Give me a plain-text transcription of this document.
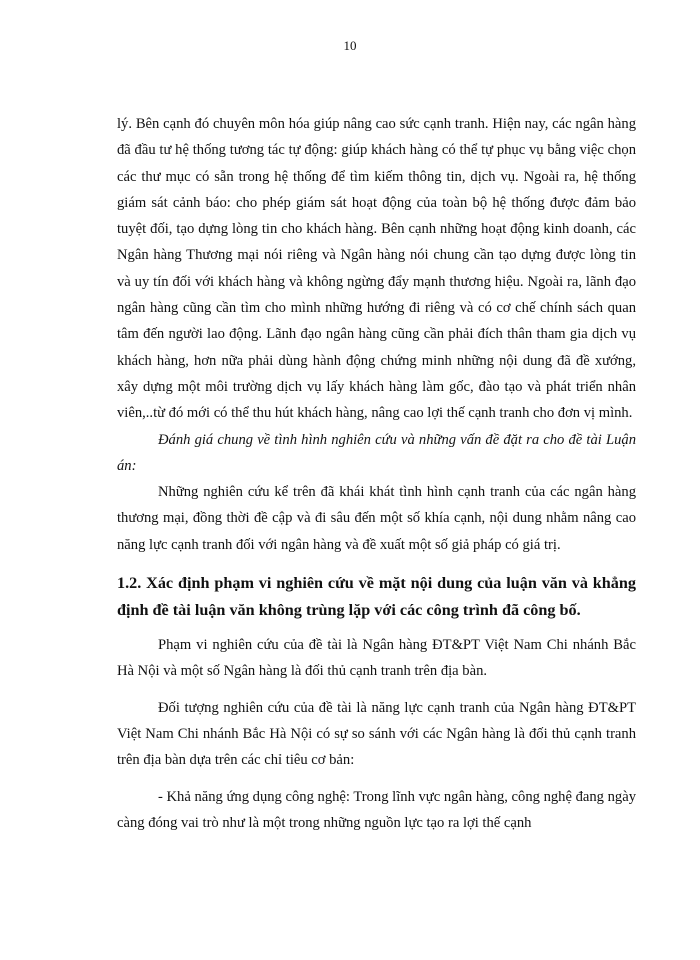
10

lý. Bên cạnh đó chuyên môn hóa giúp nâng cao sức cạnh tranh. Hiện nay, các ngân hàng đã đầu tư hệ thống tương tác tự động: giúp khách hàng có thể tự phục vụ bằng việc chọn các thư mục có sẵn trong hệ thống để tìm kiếm thông tin, dịch vụ. Ngoài ra, hệ thống giám sát cảnh báo: cho phép giám sát hoạt động của toàn bộ hệ thống được đảm bảo tuyệt đối, tạo dựng lòng tin cho khách hàng. Bên cạnh những hoạt động kinh doanh, các Ngân hàng Thương mại nói riêng và Ngân hàng nói chung cần tạo dựng được lòng tin và uy tín đối với khách hàng và không ngừng đẩy mạnh thương hiệu. Ngoài ra, lãnh đạo ngân hàng cũng cần tìm cho mình những hướng đi riêng và có cơ chế chính sách quan tâm đến người lao động. Lãnh đạo ngân hàng cũng cần phải đích thân tham gia dịch vụ khách hàng, hơn nữa phải dùng hành động chứng minh những nội dung đã đề xướng, xây dựng một môi trường dịch vụ lấy khách hàng làm gốc, đào tạo và phát triển nhân viên,..từ đó mới có thể thu hút khách hàng, nâng cao lợi thế cạnh tranh cho đơn vị mình.

Đánh giá chung về tình hình nghiên cứu và những vấn đề đặt ra cho đề tài Luận án:

Những nghiên cứu kể trên đã khái khát tình hình cạnh tranh của các ngân hàng thương mại, đồng thời đề cập và đi sâu đến một số khía cạnh, nội dung nhằm nâng cao năng lực cạnh tranh đối với ngân hàng và đề xuất một số giả pháp có giá trị.

1.2. Xác định phạm vi nghiên cứu về mặt nội dung của luận văn và khẳng định đề tài luận văn không trùng lặp với các công trình đã công bố.

Phạm vi nghiên cứu của đề tài là Ngân hàng ĐT&PT Việt Nam Chi nhánh Bắc Hà Nội và một số Ngân hàng là đối thủ cạnh tranh trên địa bàn.

Đối tượng nghiên cứu của đề tài là năng lực cạnh tranh của Ngân hàng ĐT&PT Việt Nam Chi nhánh Bắc Hà Nội có sự so sánh với các Ngân hàng là đối thủ cạnh tranh trên địa bàn dựa trên các chỉ tiêu cơ bản:

- Khả năng ứng dụng công nghệ: Trong lĩnh vực ngân hàng, công nghệ đang ngày càng đóng vai trò như là một trong những nguồn lực tạo ra lợi thế cạnh
